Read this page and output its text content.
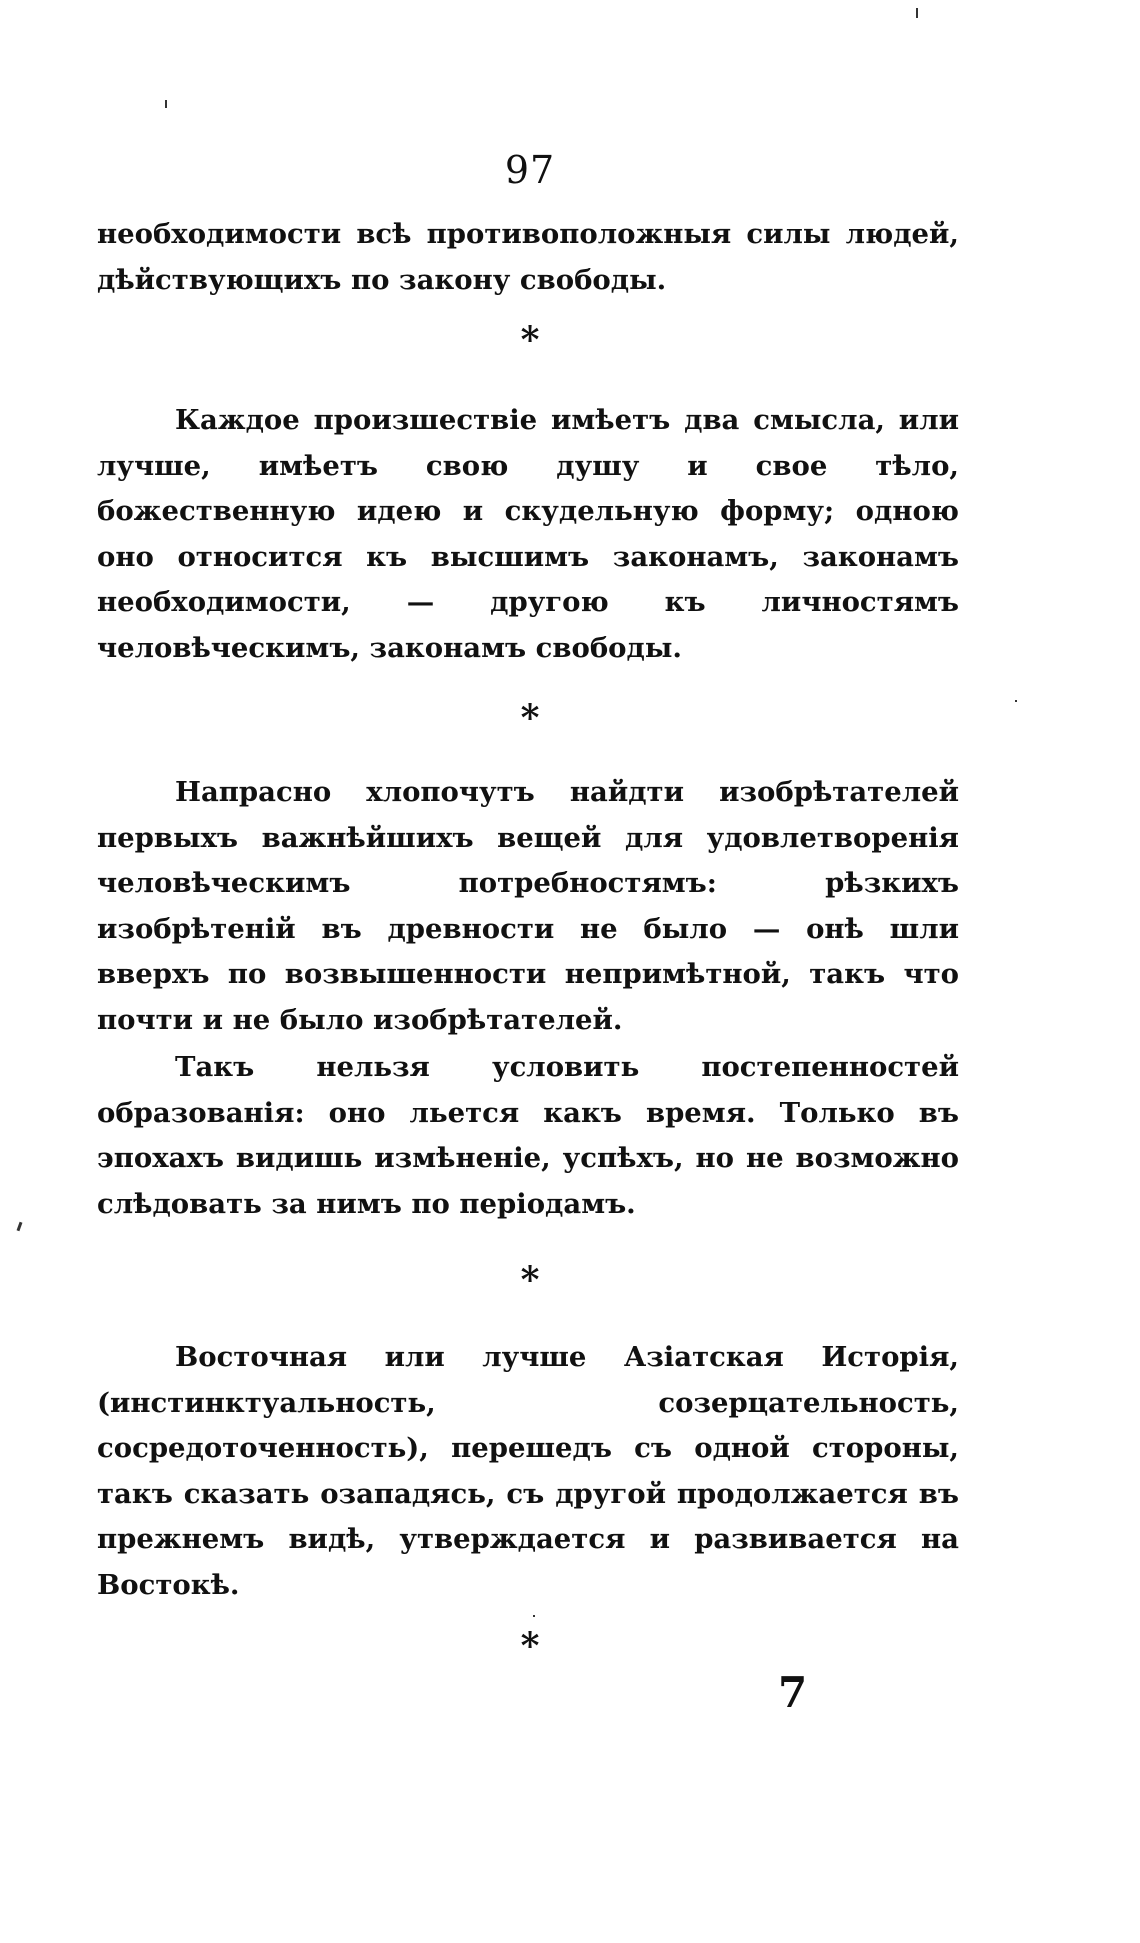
97

необходимости всѣ противоположныя силы людей, дѣйствующихъ по закону свободы.

*

Каждое произшествіе имѣетъ два смысла, или лучше, имѣетъ свою душу и свое тѣло, божественную идею и скудельную форму; одною оно относится къ высшимъ законамъ, законамъ необходимости, — другою къ личностямъ человѣческимъ, законамъ свободы.

*

Напрасно хлопочутъ найдти изобрѣтателей первыхъ важнѣйшихъ вещей для удовлетворенія человѣческимъ потребностямъ: рѣзкихъ изобрѣтеній въ древности не было — онѣ шли вверхъ по возвышенности непримѣтной, такъ что почти и не было изобрѣтателей.

Такъ нельзя условить постепенностей образованія: оно льется какъ время. Только въ эпохахъ видишь измѣненіе, успѣхъ, но не возможно слѣдовать за нимъ по періодамъ.

*

Восточная или лучше Азіатская Исторія, (инстинктуальность, созерцательность, сосредоточенность), перешедъ съ одной стороны, такъ сказать озападясь, съ другой продолжается въ прежнемъ видѣ, утверждается и развивается на Востокѣ.

*
7
